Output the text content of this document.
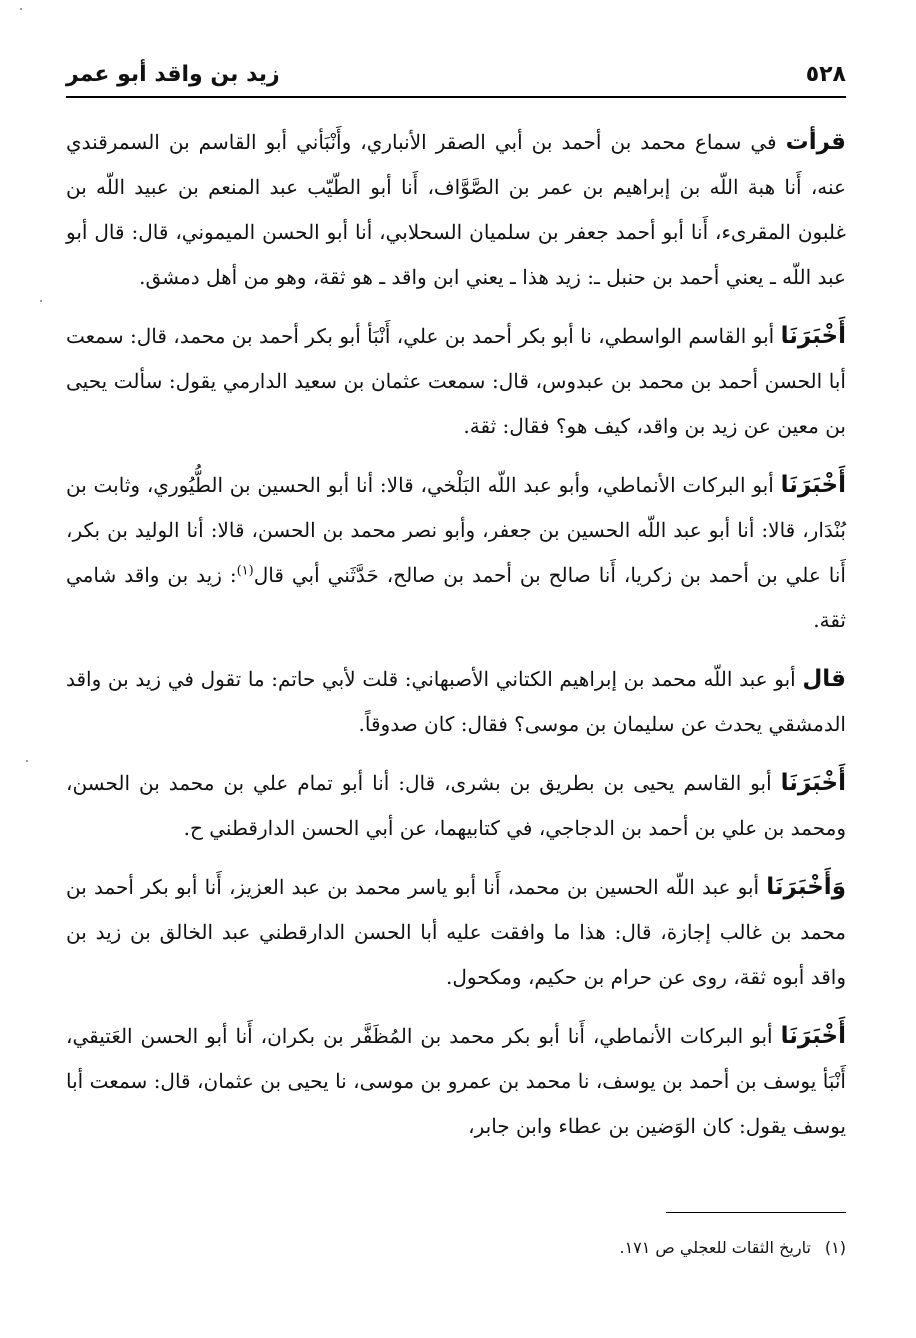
٥٢٨
زيد بن واقد أبو عمر

قرأت في سماع محمد بن أحمد بن أبي الصقر الأنباري، وأَنْبَأني أبو القاسم بن السمرقندي عنه، أَنا هبة اللّه بن إبراهيم بن عمر بن الصَّوَّاف، أَنا أبو الطّيّب عبد المنعم بن عبيد اللّه بن غلبون المقرىء، أَنا أبو أحمد جعفر بن سلميان السحلابي، أنا أبو الحسن الميموني، قال: قال أبو عبد اللّه ـ يعني أحمد بن حنبل ـ: زيد هذا ـ يعني ابن واقد ـ هو ثقة، وهو من أهل دمشق.

أَخْبَرَنَا أبو القاسم الواسطي، نا أبو بكر أحمد بن علي، أَنْبَأ أبو بكر أحمد بن محمد، قال: سمعت أبا الحسن أحمد بن محمد بن عبدوس، قال: سمعت عثمان بن سعيد الدارمي يقول: سألت يحيى بن معين عن زيد بن واقد، كيف هو؟ فقال: ثقة.

أَخْبَرَنَا أبو البركات الأنماطي، وأبو عبد اللّه البَلْخي، قالا: أنا أبو الحسين بن الطُّيُوري، وثابت بن بُنْدَار، قالا: أنا أبو عبد اللّه الحسين بن جعفر، وأبو نصر محمد بن الحسن، قالا: أنا الوليد بن بكر، أَنا علي بن أحمد بن زكريا، أَنا صالح بن أحمد بن صالح، حَدَّثَني أبي قال$^{(١)}$: زيد بن واقد شامي ثقة.

قال أبو عبد اللّه محمد بن إبراهيم الكتاني الأصبهاني: قلت لأبي حاتم: ما تقول في زيد بن واقد الدمشقي يحدث عن سليمان بن موسى؟ فقال: كان صدوقاً.

أَخْبَرَنَا أبو القاسم يحيى بن بطريق بن بشرى، قال: أنا أبو تمام علي بن محمد بن الحسن، ومحمد بن علي بن أحمد بن الدجاجي، في كتابيهما، عن أبي الحسن الدارقطني ح.

وَأَخْبَرَنَا أبو عبد اللّه الحسين بن محمد، أَنا أبو ياسر محمد بن عبد العزيز، أَنا أبو بكر أحمد بن محمد بن غالب إجازة، قال: هذا ما وافقت عليه أبا الحسن الدارقطني عبد الخالق بن زيد بن واقد أبوه ثقة، روى عن حرام بن حكيم، ومكحول.

أَخْبَرَنَا أبو البركات الأنماطي، أَنا أبو بكر محمد بن المُظَفَّر بن بكران، أَنا أبو الحسن العَتيقي، أَنْبَأ يوسف بن أحمد بن يوسف، نا محمد بن عمرو بن موسى، نا يحيى بن عثمان، قال: سمعت أبا يوسف يقول: كان الوَضين بن عطاء وابن جابر،

(١)تاريخ الثقات للعجلي ص ١٧١.
